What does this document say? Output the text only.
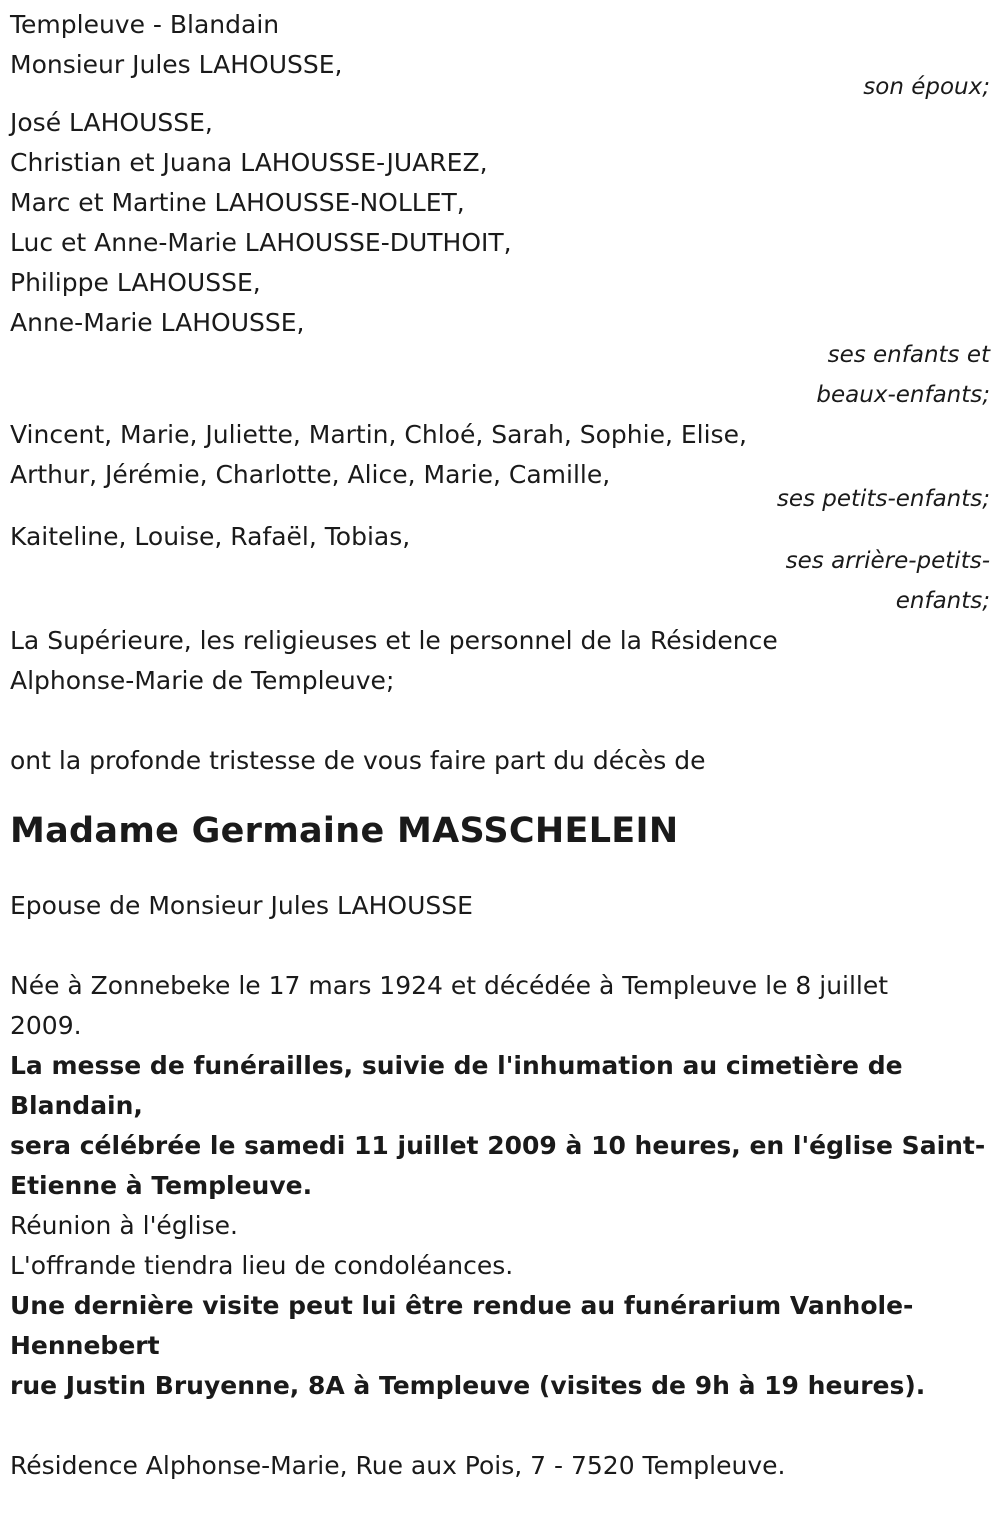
Templeuve - Blandain
Monsieur Jules LAHOUSSE,
son époux;
José LAHOUSSE,
Christian et Juana LAHOUSSE-JUAREZ,
Marc et Martine LAHOUSSE-NOLLET,
Luc et Anne-Marie LAHOUSSE-DUTHOIT,
Philippe LAHOUSSE,
Anne-Marie LAHOUSSE,
ses enfants et
beaux-enfants;
Vincent, Marie, Juliette, Martin, Chloé, Sarah, Sophie, Elise,
Arthur, Jérémie, Charlotte, Alice, Marie, Camille,
ses petits-enfants;
Kaiteline, Louise, Rafaël, Tobias,
ses arrière-petits-
enfants;
La Supérieure, les religieuses et le personnel de la Résidence
Alphonse-Marie de Templeuve;
ont la profonde tristesse de vous faire part du décès de
Madame Germaine MASSCHELEIN
Epouse de Monsieur Jules LAHOUSSE
Née à Zonnebeke le 17 mars 1924 et décédée à Templeuve le 8 juillet
2009.
La messe de funérailles, suivie de l'inhumation au cimetière de
Blandain,
sera célébrée le samedi 11 juillet 2009 à 10 heures, en l'église Saint-
Etienne à Templeuve.
Réunion à l'église.
L'offrande tiendra lieu de condoléances.
Une dernière visite peut lui être rendue au funérarium Vanhole-
Hennebert
rue Justin Bruyenne, 8A à Templeuve (visites de 9h à 19 heures).
Résidence Alphonse-Marie, Rue aux Pois, 7 - 7520 Templeuve.
